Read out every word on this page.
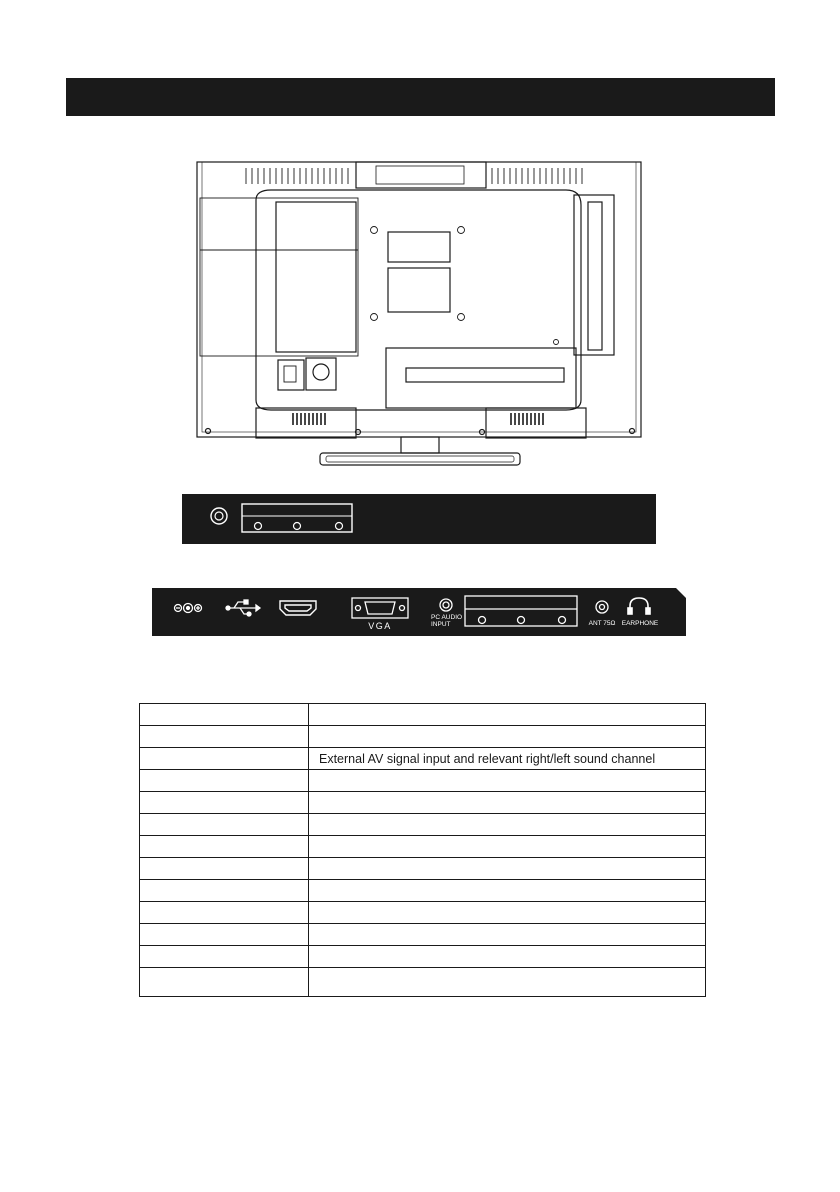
VGA
PC AUDIO
INPUT	ANT 75Ω EARPHONE

	External AV signal input and relevant right/left sound channel
